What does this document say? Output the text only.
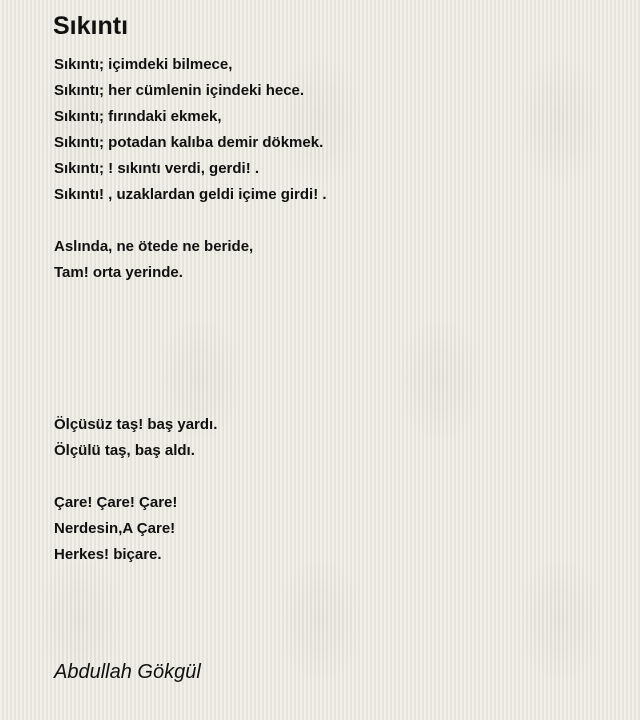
Sıkıntı
Sıkıntı; içimdeki bilmece,
Sıkıntı; her cümlenin içindeki hece.
Sıkıntı; fırındaki ekmek,
Sıkıntı; potadan kalıba demir dökmek.
Sıkıntı; ! sıkıntı verdi, gerdi! .
Sıkıntı! , uzaklardan geldi içime girdi! .
Aslında, ne ötede ne beride,
Tam! orta yerinde.
Ölçüsüz taş! baş yardı.
Ölçülü taş, baş aldı.
Çare! Çare! Çare!
Nerdesin,A Çare!
Herkes! biçare.
Abdullah Gökgül
